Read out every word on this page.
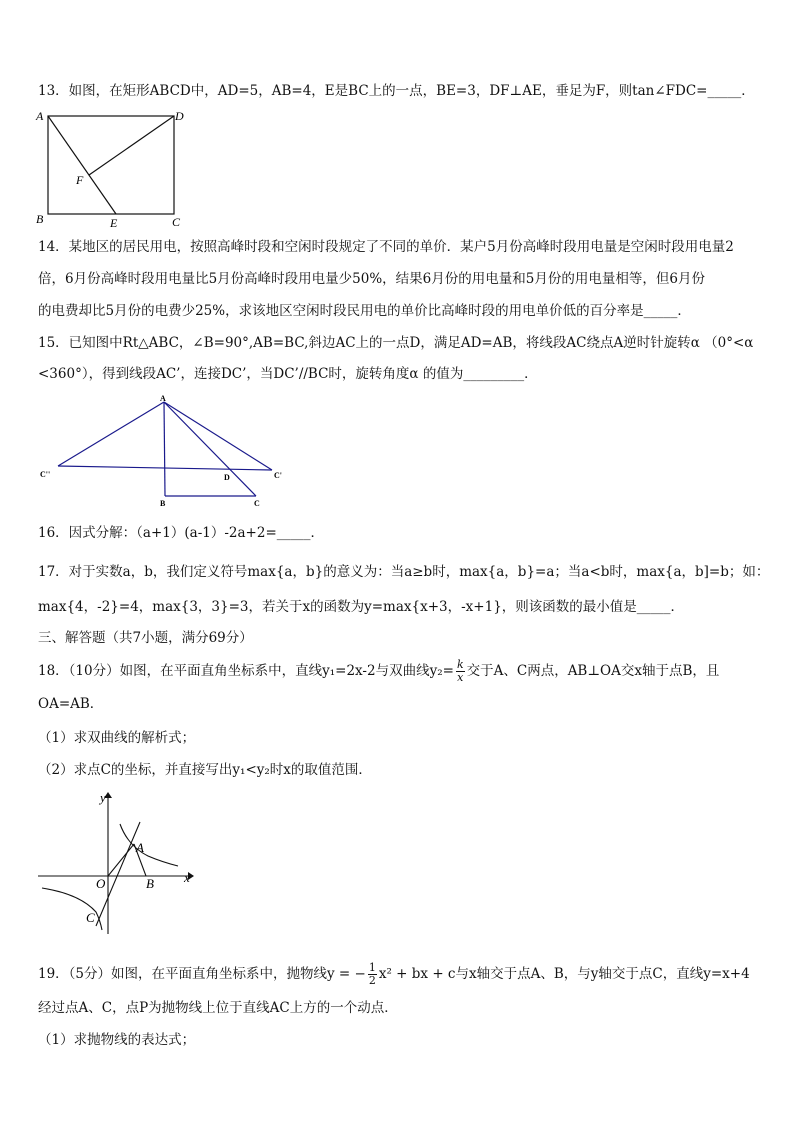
13．如图，在矩形ABCD中，AD=5，AB=4，E是BC上的一点，BE=3，DF⊥AE，垂足为F，则tan∠FDC=_____．
A	D
B	C
E
F
14．某地区的居民用电，按照高峰时段和空闲时段规定了不同的单价．某户5月份高峰时段用电量是空闲时段用电量2
倍，6月份高峰时段用电量比5月份高峰时段用电量少50%，结果6月份的用电量和5月份的用电量相等，但6月份
的电费却比5月份的电费少25%，求该地区空闲时段民用电的单价比高峰时段的用电单价低的百分率是_____．
15．已知图中Rt△ABC，∠B=90°,AB=BC,斜边AC上的一点D，满足AD=AB，将线段AC绕点A逆时针旋转α （0°<α
<360°），得到线段AC’，连接DC’，当DC’//BC时，旋转角度α 的值为_________．
A
C''	C'
D
B	C
16．因式分解：（a+1）(a-1）-2a+2=_____．
17．对于实数a，b，我们定义符号max{a，b}的意义为：当a≥b时，max{a，b}=a；当a<b时，max{a，b]=b；如：
max{4，-2}=4，max{3，3}=3，若关于x的函数为y=max{x+3，-x+1}，则该函数的最小值是_____．
三、解答题（共7小题，满分69分）
18．（10分）如图，在平面直角坐标系中，直线y₁=2x-2与双曲线$y_2= \frac{k}{x}$ 交于A、C两点，AB⊥OA交x轴于点B，且
OA=AB．
（1）求双曲线的解析式；
（2）求点C的坐标，并直接写出y₁<y₂时x的取值范围．
y
x
O
A
B
C
19．（5分）如图，在平面直角坐标系中，抛物线y = − $\frac{1}{2} x^2$ + bx + c与x轴交于点A、B，与y轴交于点C，直线y=x+4
经过点A、C，点P为抛物线上位于直线AC上方的一个动点．
（1）求抛物线的表达式；
